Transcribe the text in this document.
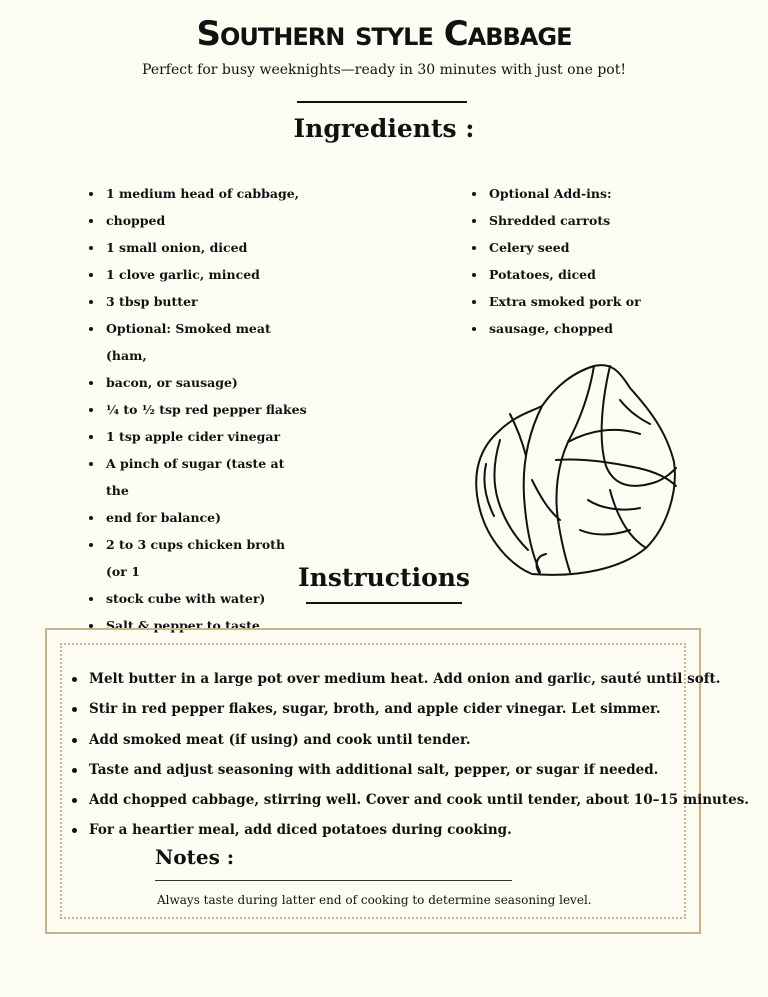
Southern style Cabbage

Perfect for busy weeknights—ready in 30 minutes with just one pot!

Ingredients :
1 medium head of cabbage,
chopped
1 small onion, diced
1 clove garlic, minced
3 tbsp butter
Optional: Smoked meat (ham,
bacon, or sausage)
¼ to ½ tsp red pepper flakes
1 tsp apple cider vinegar
A pinch of sugar (taste at the
end for balance)
2 to 3 cups chicken broth (or 1
stock cube with water)
Salt & pepper to taste
Optional Add-ins:
Shredded carrots
Celery seed
Potatoes, diced
Extra smoked pork or
sausage, chopped
Instructions
Melt butter in a large pot over medium heat. Add onion and garlic, sauté until soft.
Stir in red pepper flakes, sugar, broth, and apple cider vinegar. Let simmer.
Add smoked meat (if using) and cook until tender.
Taste and adjust seasoning with additional salt, pepper, or sugar if needed.
Add chopped cabbage, stirring well. Cover and cook until tender, about 10–15 minutes.
For a heartier meal, add diced potatoes during cooking.
Notes :

Always taste during latter end of cooking to determine seasoning level.
